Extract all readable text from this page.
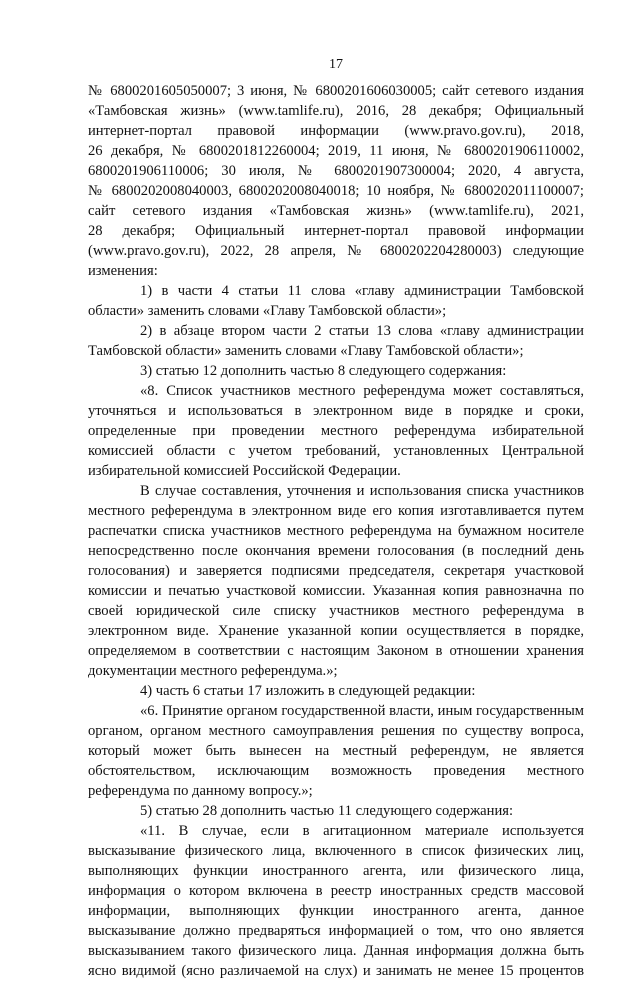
17
№ 6800201605050007; 3 июня, № 6800201606030005; сайт сетевого издания
«Тамбовская жизнь» (www.tamlife.ru), 2016, 28 декабря; Официальный
интернет-портал правовой информации (www.pravo.gov.ru), 2018,
26 декабря, № 6800201812260004; 2019, 11 июня, № 6800201906110002,
6800201906110006; 30 июля, № 6800201907300004; 2020, 4 августа,
№ 6800202008040003, 6800202008040018; 10 ноября, № 6800202011100007;
сайт сетевого издания «Тамбовская жизнь» (www.tamlife.ru), 2021,
28 декабря; Официальный интернет-портал правовой информации
(www.pravo.gov.ru), 2022, 28 апреля, № 6800202204280003) следующие
изменения:
1) в части 4 статьи 11 слова «главу администрации Тамбовской
области» заменить словами «Главу Тамбовской области»;
2) в абзаце втором части 2 статьи 13 слова «главу администрации
Тамбовской области» заменить словами «Главу Тамбовской области»;
3) статью 12 дополнить частью 8 следующего содержания:
«8. Список участников местного референдума может составляться,
уточняться и использоваться в электронном виде в порядке и сроки,
определенные при проведении местного референдума избирательной
комиссией области с учетом требований, установленных Центральной
избирательной комиссией Российской Федерации.
В случае составления, уточнения и использования списка участников
местного референдума в электронном виде его копия изготавливается путем
распечатки списка участников местного референдума на бумажном носителе
непосредственно после окончания времени голосования (в последний день
голосования) и заверяется подписями председателя, секретаря участковой
комиссии и печатью участковой комиссии. Указанная копия равнозначна по
своей юридической силе списку участников местного референдума в
электронном виде. Хранение указанной копии осуществляется в порядке,
определяемом в соответствии с настоящим Законом в отношении хранения
документации местного референдума.»;
4) часть 6 статьи 17 изложить в следующей редакции:
«6. Принятие органом государственной власти, иным государственным
органом, органом местного самоуправления решения по существу вопроса,
который может быть вынесен на местный референдум, не является
обстоятельством, исключающим возможность проведения местного
референдума по данному вопросу.»;
5) статью 28 дополнить частью 11 следующего содержания:
«11. В случае, если в агитационном материале используется
высказывание физического лица, включенного в список физических лиц,
выполняющих функции иностранного агента, или физического лица,
информация о котором включена в реестр иностранных средств массовой
информации, выполняющих функции иностранного агента, данное
высказывание должно предваряться информацией о том, что оно является
высказыванием такого физического лица. Данная информация должна быть
ясно видимой (ясно различаемой на слух) и занимать не менее 15 процентов
